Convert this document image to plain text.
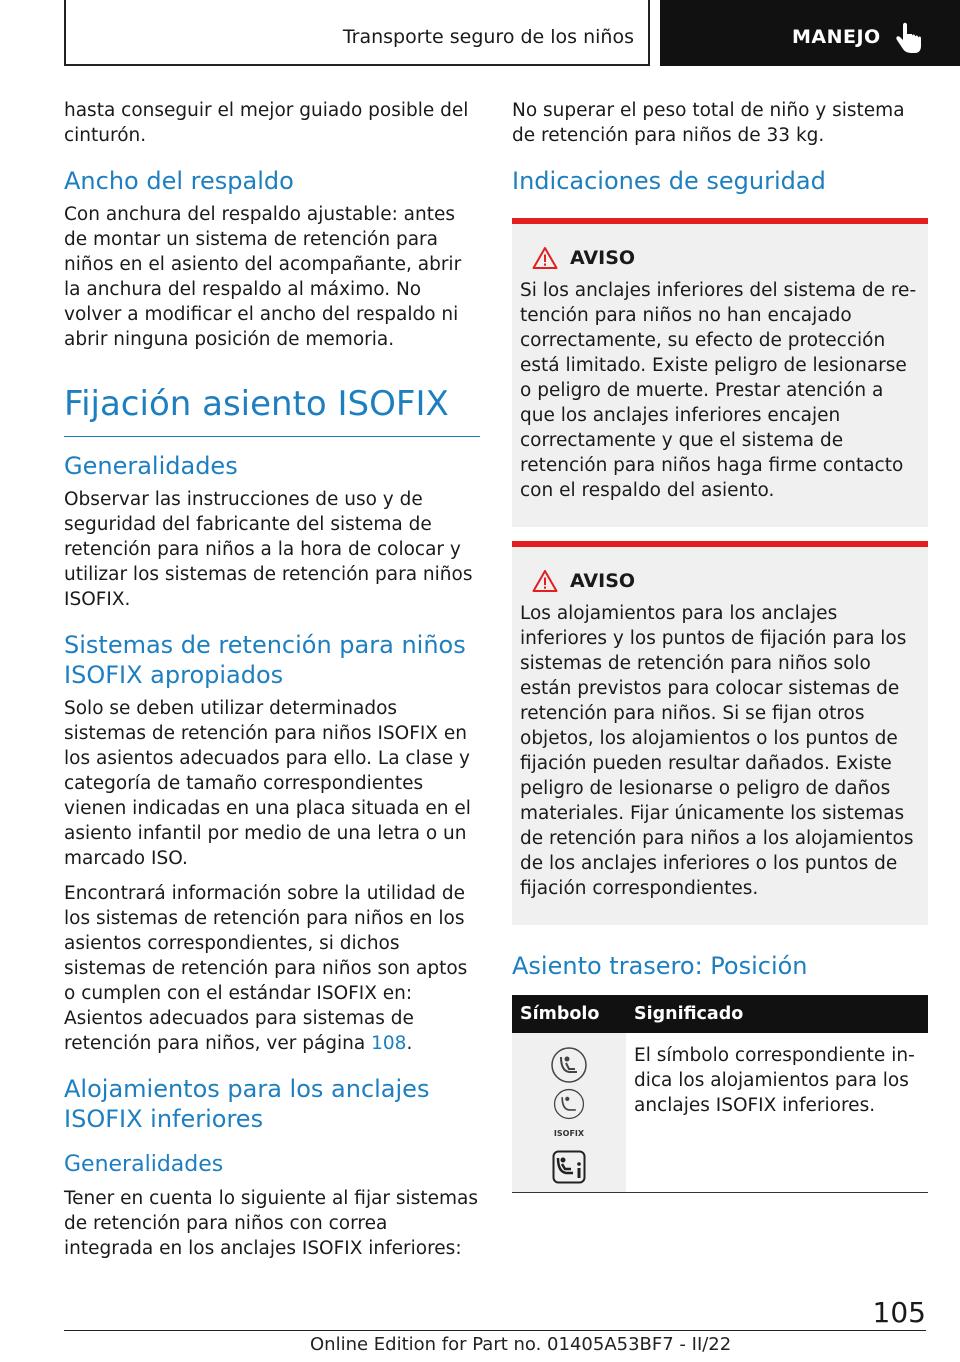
Transporte seguro de los niños	MANEJO

hasta conseguir el mejor guiado posible del cinturón.

Ancho del respaldo

Con anchura del respaldo ajustable: antes de montar un sistema de retención para niños en el asiento del acompañante, abrir la anchura del respaldo al máximo. No volver a modificar el ancho del respaldo ni abrir ninguna posición de memoria.

Fijación asiento ISOFIX
Generalidades

Observar las instrucciones de uso y de seguridad del fabricante del sistema de retención para niños a la hora de colocar y utilizar los sistemas de retención para niños ISOFIX.

Sistemas de retención para niños ISOFIX apropiados

Solo se deben utilizar determinados sistemas de retención para niños ISOFIX en los asientos adecuados para ello. La clase y categoría de tamaño correspondientes vienen indicadas en una placa situada en el asiento infantil por medio de una letra o un marcado ISO.

Encontrará información sobre la utilidad de los sistemas de retención para niños en los asientos correspondientes, si dichos sistemas de retención para niños son aptos o cumplen con el estándar ISOFIX en: Asientos adecuados para sistemas de retención para niños, ver página 108.

Alojamientos para los anclajes ISOFIX inferiores
Generalidades

Tener en cuenta lo siguiente al fijar sistemas de retención para niños con correa integrada en los anclajes ISOFIX inferiores:

No superar el peso total de niño y sistema de retención para niños de 33 kg.

Indicaciones de seguridad
AVISO

Si los anclajes inferiores del sistema de retención para niños no han encajado correctamente, su efecto de protección está limitado. Existe peligro de lesionarse o peligro de muerte. Prestar atención a que los anclajes inferiores encajen correctamente y que el sistema de retención para niños haga firme contacto con el respaldo del asiento.

AVISO

Los alojamientos para los anclajes inferiores y los puntos de fijación para los sistemas de retención para niños solo están previstos para colocar sistemas de retención para niños. Si se fijan otros objetos, los alojamientos o los puntos de fijación pueden resultar dañados. Existe peligro de lesionarse o peligro de daños materiales. Fijar únicamente los sistemas de retención para niños a los alojamientos de los anclajes inferiores o los puntos de fijación correspondientes.

Asiento trasero: Posición
Símbolo	Significado

ISOFIX	El símbolo correspondiente indica los alojamientos para los anclajes ISOFIX inferiores.
105
Online Edition for Part no. 01405A53BF7 - II/22
